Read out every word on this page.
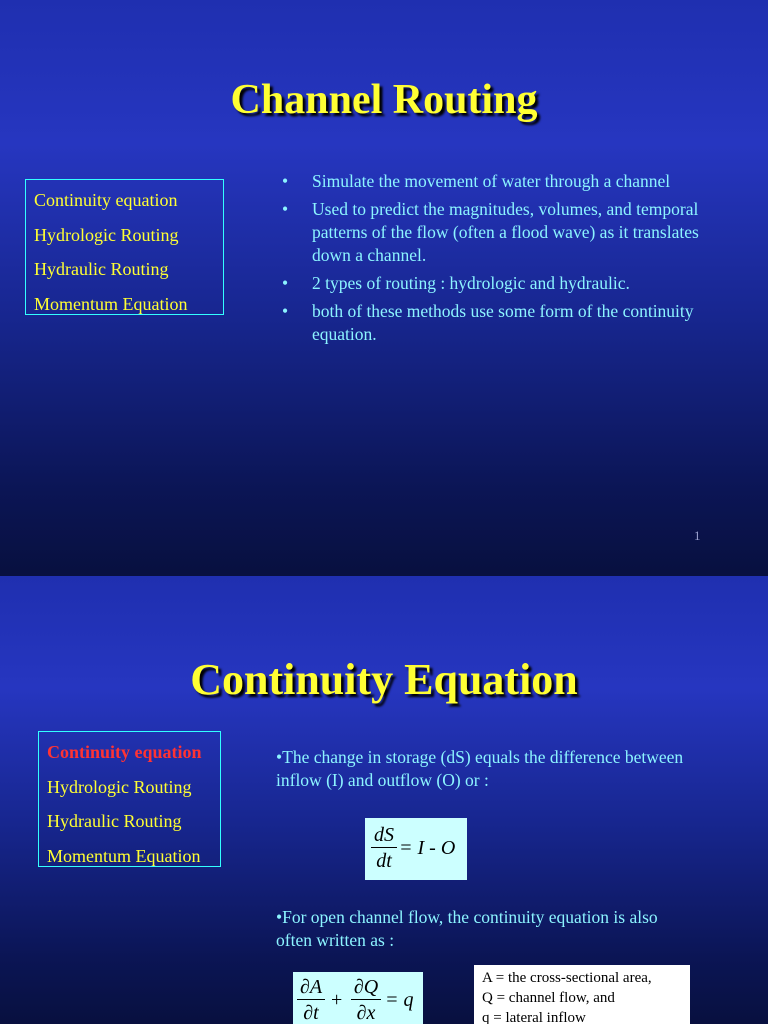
Channel Routing
Continuity equation
Hydrologic Routing
Hydraulic Routing
Momentum Equation
• Simulate the movement of water through a channel
• Used to predict the magnitudes, volumes, and temporal patterns of the flow (often a flood wave) as it translates down a channel.
• 2 types of routing : hydrologic and hydraulic.
• both of these methods use some form of the continuity equation.
1
Continuity Equation
Continuity equation
Hydrologic Routing
Hydraulic Routing
Momentum Equation

•The change in storage (dS) equals the difference between inflow (I) and outflow (O) or :

dS
dt
= I - O

•For open channel flow, the continuity equation is also often written as :

∂A
∂t
+
∂Q
∂x
= q
A = the cross-sectional area,
Q = channel flow, and
q = lateral inflow
